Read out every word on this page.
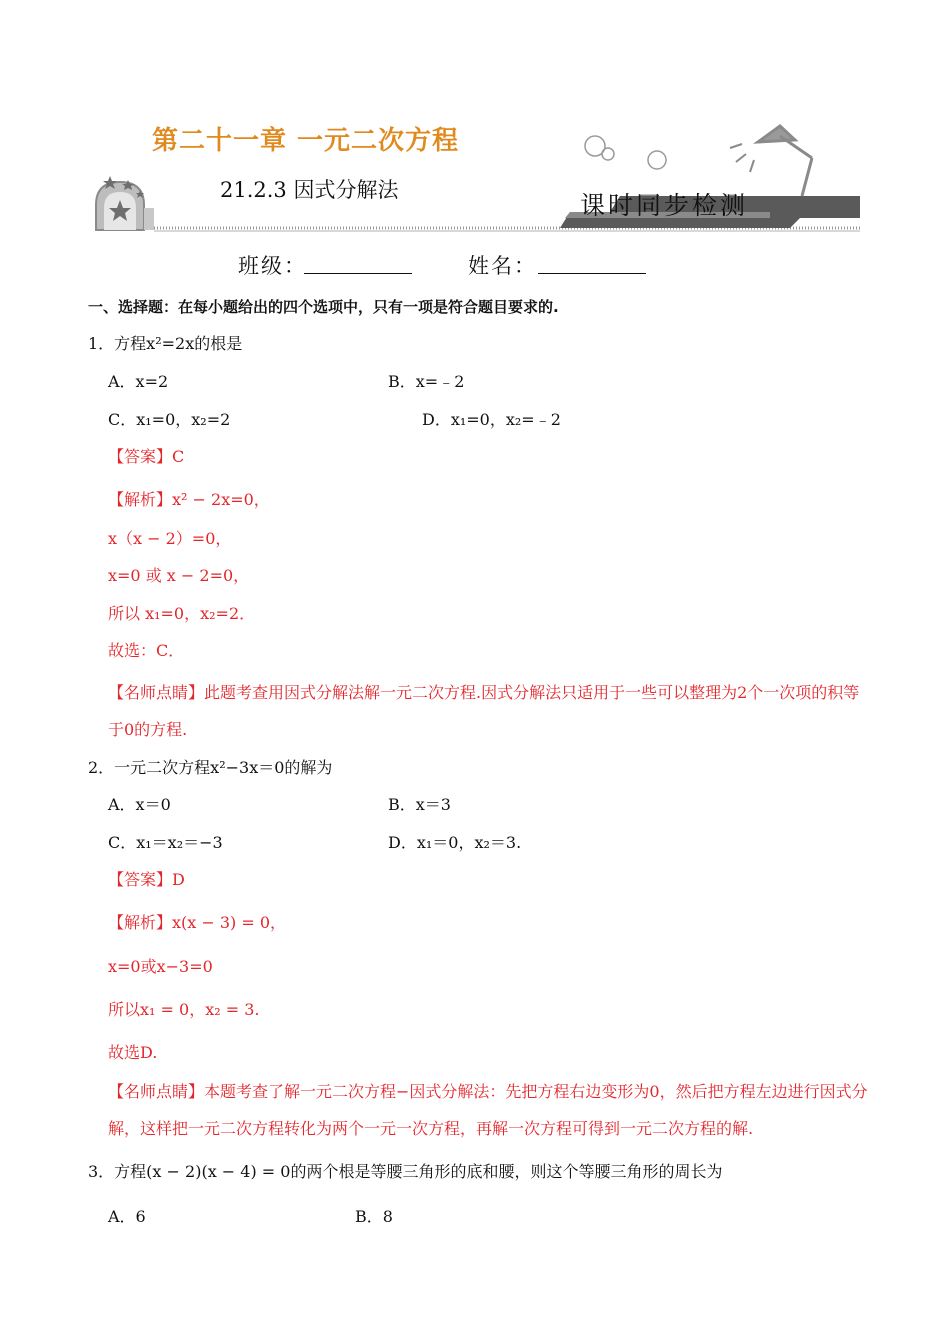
第二十一章 一元二次方程
21.2.3 因式分解法
课时同步检测
班级：	姓名：
一、选择题：在每小题给出的四个选项中，只有一项是符合题目要求的.
1．方程x²=2x的根是
A．x=2	B．x=﹣2
C．x₁=0，x₂=2	D．x₁=0，x₂=﹣2
【答案】C
【解析】x² − 2x=0，
x（x − 2）=0，
x=0 或 x − 2=0，
所以 x₁=0，x₂=2．
故选：C．
【名师点睛】此题考查用因式分解法解一元二次方程.因式分解法只适用于一些可以整理为2个一次项的积等于0的方程.
2．一元二次方程x²−3x＝0的解为
A．x＝0	B．x＝3
C．x₁＝x₂＝−3	D．x₁＝0，x₂＝3.
【答案】D
【解析】x(x − 3) = 0，
x=0或x−3=0
所以x₁ = 0，x₂ = 3.
故选D.
【名师点睛】本题考查了解一元二次方程−因式分解法：先把方程右边变形为0，然后把方程左边进行因式分解，这样把一元二次方程转化为两个一元一次方程，再解一次方程可得到一元二次方程的解.
3．方程(x − 2)(x − 4) = 0的两个根是等腰三角形的底和腰，则这个等腰三角形的周长为
A．6	B．8
